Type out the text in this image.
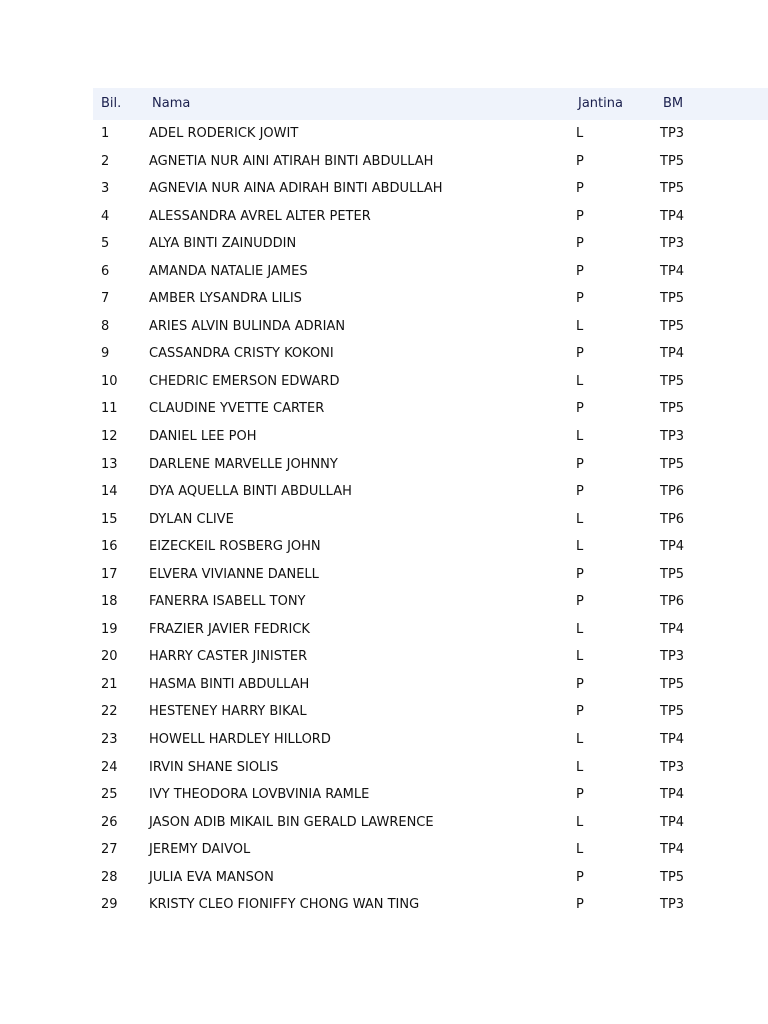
Bil. Nama	Jantina	BM
1	ADEL RODERICK JOWIT	L	TP3
2	AGNETIA NUR AINI ATIRAH BINTI ABDULLAH	P	TP5
3	AGNEVIA NUR AINA ADIRAH BINTI ABDULLAH	P	TP5
4	ALESSANDRA AVREL ALTER PETER	P	TP4
5	ALYA BINTI ZAINUDDIN	P	TP3
6	AMANDA NATALIE JAMES	P	TP4
7	AMBER LYSANDRA LILIS	P	TP5
8	ARIES ALVIN BULINDA ADRIAN	L	TP5
9	CASSANDRA CRISTY KOKONI	P	TP4
10 CHEDRIC EMERSON EDWARD	L	TP5
11 CLAUDINE YVETTE CARTER	P	TP5
12 DANIEL LEE POH	L	TP3
13 DARLENE MARVELLE JOHNNY	P	TP5
14 DYA AQUELLA BINTI ABDULLAH	P	TP6
15 DYLAN CLIVE	L	TP6
16 EIZECKEIL ROSBERG JOHN	L	TP4
17 ELVERA VIVIANNE DANELL	P	TP5
18 FANERRA ISABELL TONY	P	TP6
19 FRAZIER JAVIER FEDRICK	L	TP4
20 HARRY CASTER JINISTER	L	TP3
21 HASMA BINTI ABDULLAH	P	TP5
22 HESTENEY HARRY BIKAL	P	TP5
23 HOWELL HARDLEY HILLORD	L	TP4
24 IRVIN SHANE SIOLIS	L	TP3
25 IVY THEODORA LOVBVINIA RAMLE	P	TP4
26 JASON ADIB MIKAIL BIN GERALD LAWRENCE	L	TP4
27 JEREMY DAIVOL	L	TP4
28 JULIA EVA MANSON	P	TP5
29 KRISTY CLEO FIONIFFY CHONG WAN TING	P	TP3
